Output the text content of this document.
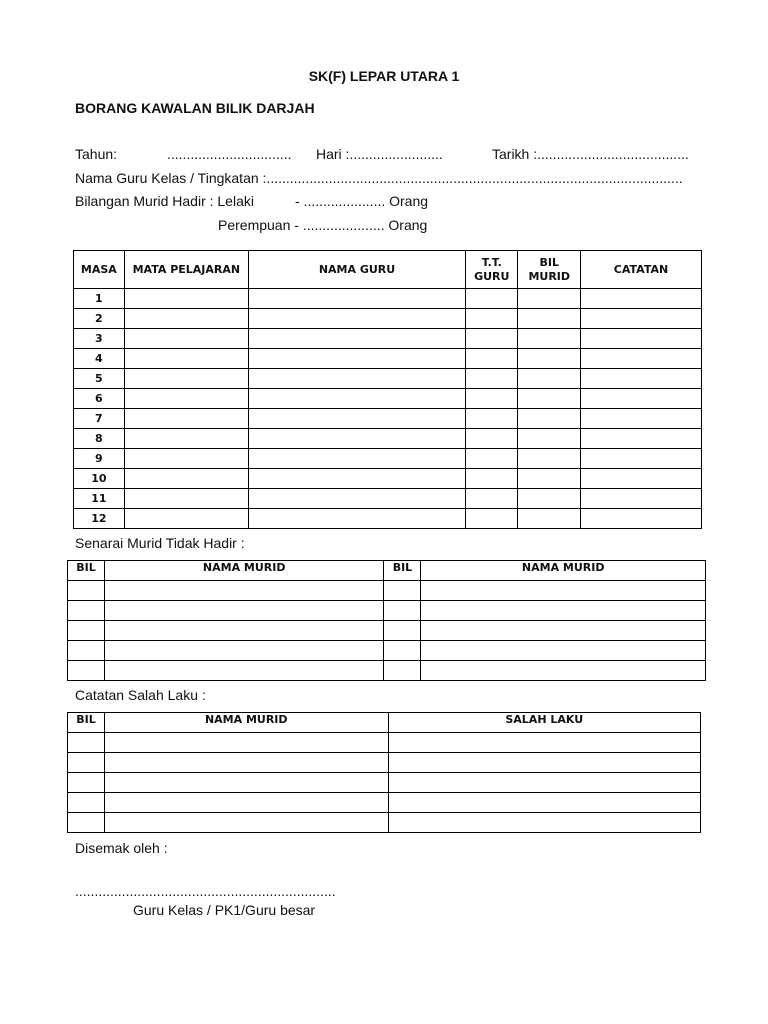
SK(F) LEPAR UTARA 1
BORANG KAWALAN BILIK DARJAH
Tahun:	................................ Hari :........................	Tarikh :.......................................
Nama Guru Kelas / Tingkatan :...........................................................................................................
Bilangan Murid Hadir : Lelaki	- ..................... Orang
Perempuan - ..................... Orang
MASA	MATA PELAJARAN	NAMA GURU	T.T. GURU	BIL MURID	CATATAN
1					
2					
3					
4					
5					
6					
7					
8					
9					
10					
11					
12					
Senarai Murid Tidak Hadir :
BIL	NAMA MURID	BIL	NAMA MURID

Catatan Salah Laku :
BIL	NAMA MURID	SALAH LAKU

Disemak oleh :
...................................................................
Guru Kelas / PK1/Guru besar
